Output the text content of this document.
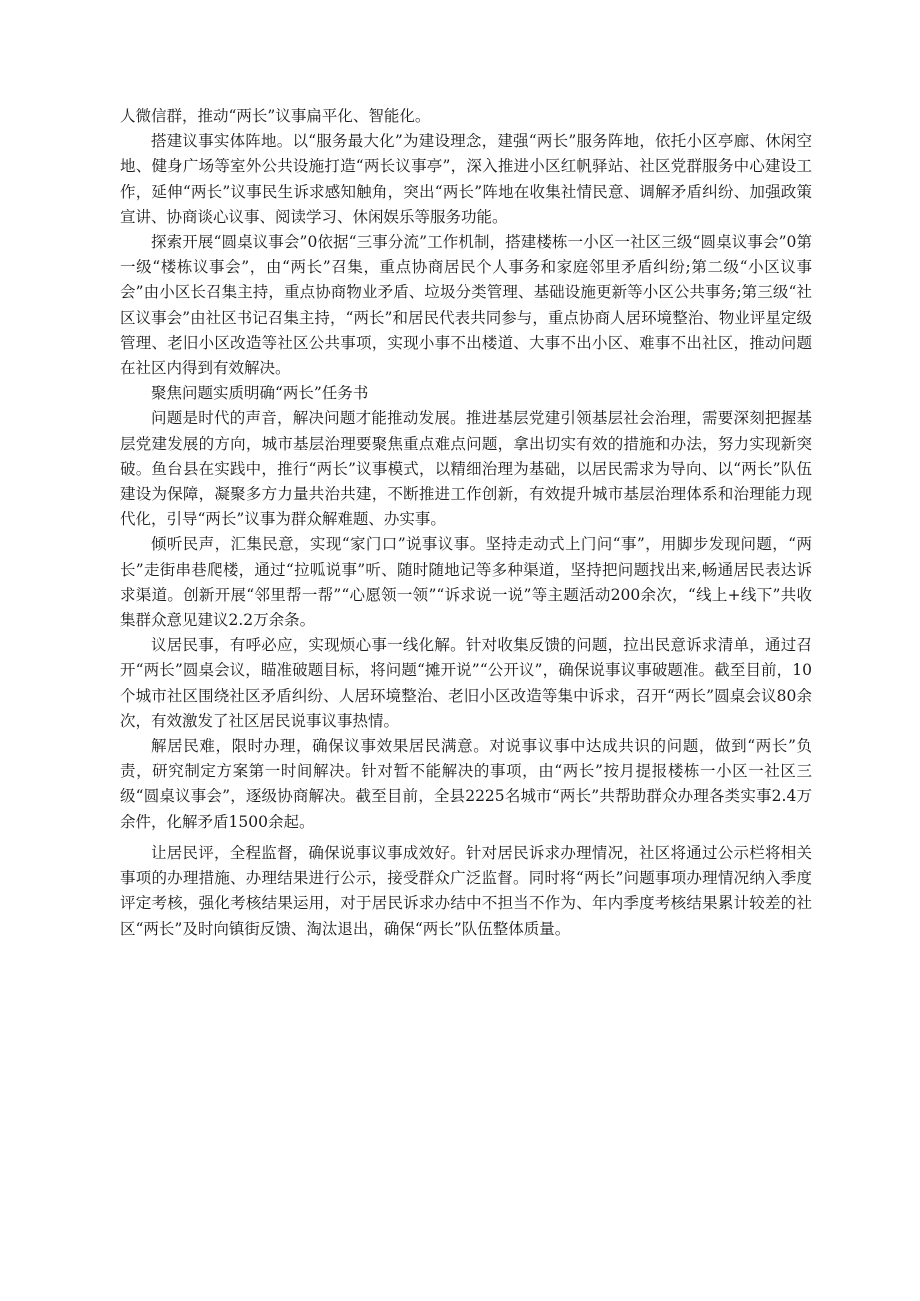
人微信群，推动“两长”议事扁平化、智能化。

搭建议事实体阵地。以“服务最大化”为建设理念，建强“两长”服务阵地，依托小区亭廊、休闲空地、健身广场等室外公共设施打造“两长议事亭”，深入推进小区红帆驿站、社区党群服务中心建设工作，延伸“两长”议事民生诉求感知触角，突出“两长”阵地在收集社情民意、调解矛盾纠纷、加强政策宣讲、协商谈心议事、阅读学习、休闲娱乐等服务功能。

探索开展“圆桌议事会”0依据“三事分流”工作机制，搭建楼栋一小区一社区三级“圆桌议事会”0第一级“楼栋议事会”，由“两长”召集，重点协商居民个人事务和家庭邻里矛盾纠纷;第二级“小区议事会”由小区长召集主持，重点协商物业矛盾、垃圾分类管理、基础设施更新等小区公共事务;第三级“社区议事会”由社区书记召集主持，“两长”和居民代表共同参与，重点协商人居环境整治、物业评星定级管理、老旧小区改造等社区公共事项，实现小事不出楼道、大事不出小区、难事不出社区，推动问题在社区内得到有效解决。

聚焦问题实质明确“两长”任务书

问题是时代的声音，解决问题才能推动发展。推进基层党建引领基层社会治理，需要深刻把握基层党建发展的方向，城市基层治理要聚焦重点难点问题，拿出切实有效的措施和办法，努力实现新突破。鱼台县在实践中，推行“两长”议事模式，以精细治理为基础，以居民需求为导向、以“两长”队伍建设为保障，凝聚多方力量共治共建，不断推进工作创新，有效提升城市基层治理体系和治理能力现代化，引导“两长”议事为群众解难题、办实事。

倾听民声，汇集民意，实现“家门口”说事议事。坚持走动式上门问“事”，用脚步发现问题，“两长”走街串巷爬楼，通过“拉呱说事”听、随时随地记等多种渠道，坚持把问题找出来,畅通居民表达诉求渠道。创新开展“邻里帮一帮”“心愿领一领”“诉求说一说”等主题活动200余次，“线上+线下”共收集群众意见建议2.2万余条。

议居民事，有呼必应，实现烦心事一线化解。针对收集反馈的问题，拉出民意诉求清单，通过召开“两长”圆桌会议，瞄准破题目标，将问题“摊开说”“公开议”，确保说事议事破题准。截至目前，10个城市社区围绕社区矛盾纠纷、人居环境整治、老旧小区改造等集中诉求，召开“两长”圆桌会议80余次，有效激发了社区居民说事议事热情。

解居民难，限时办理，确保议事效果居民满意。对说事议事中达成共识的问题，做到“两长”负责，研究制定方案第一时间解决。针对暂不能解决的事项，由“两长”按月提报楼栋一小区一社区三级“圆桌议事会”，逐级协商解决。截至目前，全县2225名城市“两长”共帮助群众办理各类实事2.4万余件，化解矛盾1500余起。

让居民评，全程监督，确保说事议事成效好。针对居民诉求办理情况，社区将通过公示栏将相关事项的办理措施、办理结果进行公示，接受群众广泛监督。同时将“两长”问题事项办理情况纳入季度评定考核，强化考核结果运用，对于居民诉求办结中不担当不作为、年内季度考核结果累计较差的社区“两长”及时向镇街反馈、淘汰退出，确保“两长”队伍整体质量。
